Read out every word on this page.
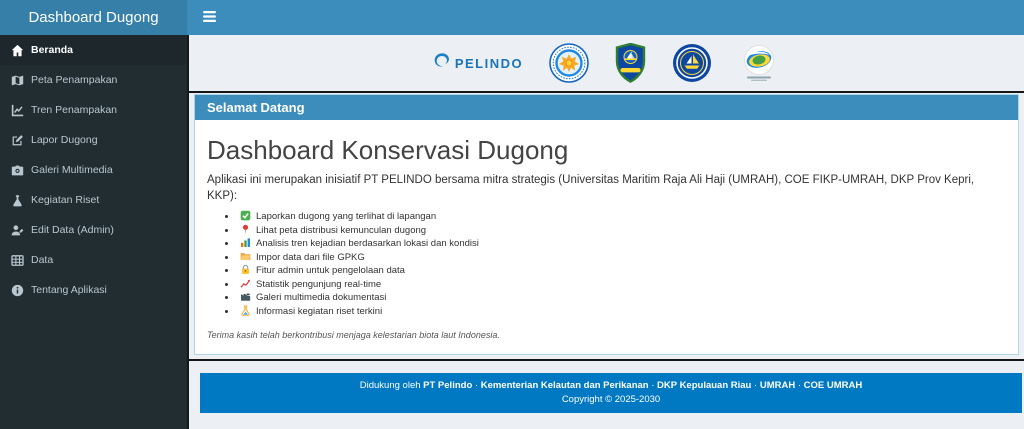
Dashboard Dugong
Beranda
Peta Penampakan
Tren Penampakan
Lapor Dugong
Galeri Multimedia
Kegiatan Riset
Edit Data (Admin)
Data
Tentang Aplikasi
PELINDO
Selamat Datang
Dashboard Konservasi Dugong

Aplikasi ini merupakan inisiatif PT PELINDO bersama mitra strategis (Universitas Maritim Raja Ali Haji (UMRAH), COE FIKP-UMRAH, DKP Prov Kepri, KKP):

• Laporkan dugong yang terlihat di lapangan
• Lihat peta distribusi kemunculan dugong
• Analisis tren kejadian berdasarkan lokasi dan kondisi
• Impor data dari file GPKG
• Fitur admin untuk pengelolaan data
• Statistik pengunjung real-time
• Galeri multimedia dokumentasi
• Informasi kegiatan riset terkini

Terima kasih telah berkontribusi menjaga kelestarian biota laut Indonesia.

Didukung oleh PT Pelindo · Kementerian Kelautan dan Perikanan · DKP Kepulauan Riau · UMRAH · COE UMRAH
Copyright © 2025-2030
